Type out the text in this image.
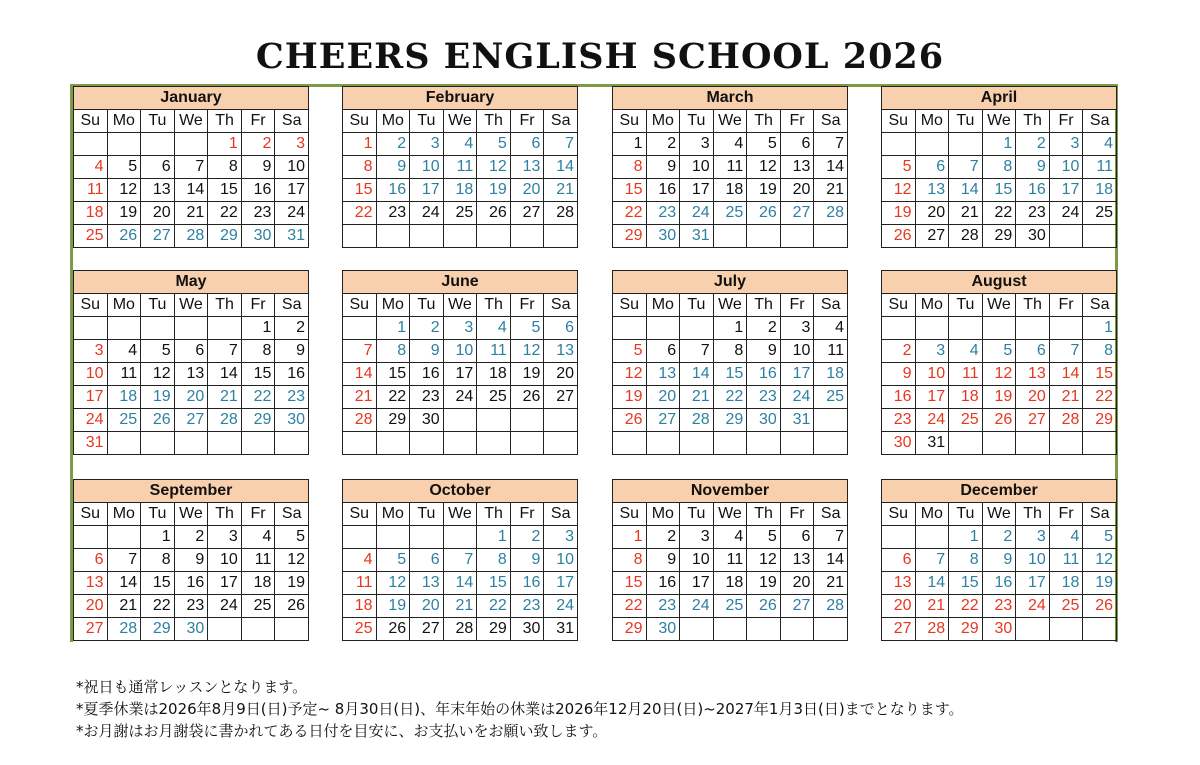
CHEERS ENGLISH SCHOOL 2026
January						
Su	Mo	Tu	We	Th	Fr	Sa
				1	2	3
4	5	6	7	8	9	10
11	12	13	14	15	16	17
18	19	20	21	22	23	24
25	26	27	28	29	30	31
February						
Su	Mo	Tu	We	Th	Fr	Sa
1	2	3	4	5	6	7
8	9	10	11	12	13	14
15	16	17	18	19	20	21
22	23	24	25	26	27	28

March						
Su	Mo	Tu	We	Th	Fr	Sa
1	2	3	4	5	6	7
8	9	10	11	12	13	14
15	16	17	18	19	20	21
22	23	24	25	26	27	28
29	30	31				
April						
Su	Mo	Tu	We	Th	Fr	Sa
			1	2	3	4
5	6	7	8	9	10	11
12	13	14	15	16	17	18
19	20	21	22	23	24	25
26	27	28	29	30		
May						
Su	Mo	Tu	We	Th	Fr	Sa
					1	2
3	4	5	6	7	8	9
10	11	12	13	14	15	16
17	18	19	20	21	22	23
24	25	26	27	28	29	30
31						
June						
Su	Mo	Tu	We	Th	Fr	Sa
	1	2	3	4	5	6
7	8	9	10	11	12	13
14	15	16	17	18	19	20
21	22	23	24	25	26	27
28	29	30				

July						
Su	Mo	Tu	We	Th	Fr	Sa
			1	2	3	4
5	6	7	8	9	10	11
12	13	14	15	16	17	18
19	20	21	22	23	24	25
26	27	28	29	30	31	

August						
Su	Mo	Tu	We	Th	Fr	Sa
						1
2	3	4	5	6	7	8
9	10	11	12	13	14	15
16	17	18	19	20	21	22
23	24	25	26	27	28	29
30	31					
September						
Su	Mo	Tu	We	Th	Fr	Sa
		1	2	3	4	5
6	7	8	9	10	11	12
13	14	15	16	17	18	19
20	21	22	23	24	25	26
27	28	29	30			
October						
Su	Mo	Tu	We	Th	Fr	Sa
				1	2	3
4	5	6	7	8	9	10
11	12	13	14	15	16	17
18	19	20	21	22	23	24
25	26	27	28	29	30	31
November						
Su	Mo	Tu	We	Th	Fr	Sa
1	2	3	4	5	6	7
8	9	10	11	12	13	14
15	16	17	18	19	20	21
22	23	24	25	26	27	28
29	30					
December						
Su	Mo	Tu	We	Th	Fr	Sa
		1	2	3	4	5
6	7	8	9	10	11	12
13	14	15	16	17	18	19
20	21	22	23	24	25	26
27	28	29	30			
*祝日も通常レッスンとなります。
*夏季休業は2026年8月9日(日)予定~ 8月30日(日)、年末年始の休業は2026年12月20日(日)~2027年1月3日(日)までとなります。
*お月謝はお月謝袋に書かれてある日付を目安に、お支払いをお願い致します。
